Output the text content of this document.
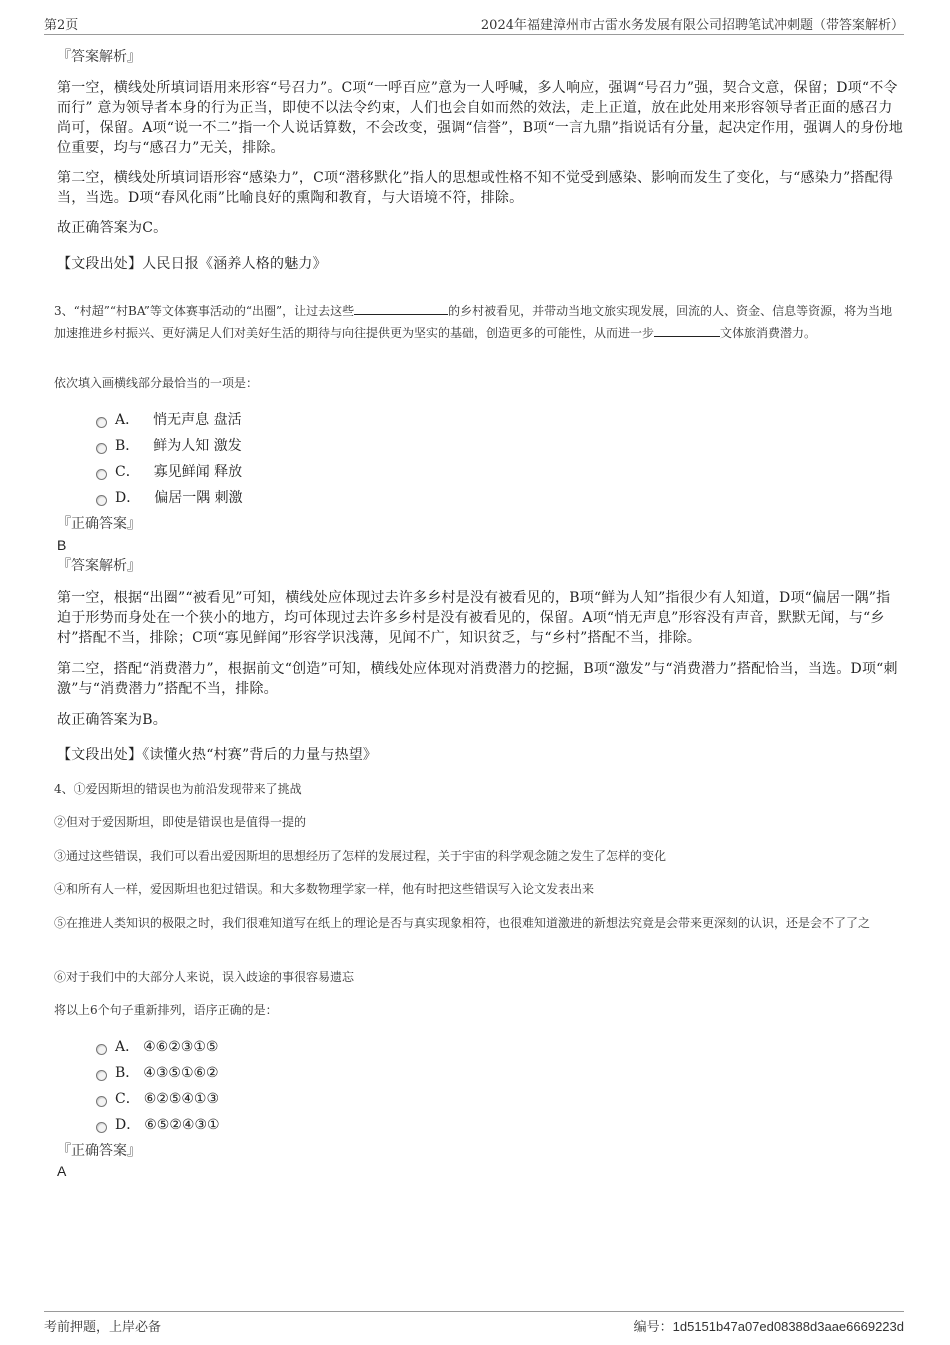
第2页	2024年福建漳州市古雷水务发展有限公司招聘笔试冲刺题（带答案解析）
『答案解析』

第一空，横线处所填词语用来形容“号召力”。C项“一呼百应”意为一人呼喊，多人响应，强调“号召力”强，契合文意，保留；D项“不令而行” 意为领导者本身的行为正当，即使不以法令约束，人们也会自如而然的效法，走上正道，放在此处用来形容领导者正面的感召力尚可，保留。A项“说一不二”指一个人说话算数，不会改变，强调“信誉”，B项“一言九鼎”指说话有分量，起决定作用，强调人的身份地位重要，均与“感召力”无关，排除。

第二空，横线处所填词语形容“感染力”，C项“潜移默化”指人的思想或性格不知不觉受到感染、影响而发生了变化，与“感染力”搭配得当，当选。D项“春风化雨”比喻良好的熏陶和教育，与大语境不符，排除。

故正确答案为C。

【文段出处】人民日报《涵养人格的魅力》

3、“村超”“村BA”等文体赛事活动的“出圈”，让过去这些	的乡村被看见，并带动当地文旅实现发展，回流的人、资金、信息等资源，将为当地加速推进乡村振兴、更好满足人们对美好生活的期待与向往提供更为坚实的基础，创造更多的可能性，从而进一步	文体旅消费潜力。

依次填入画横线部分最恰当的一项是：

A． 悄无声息 盘活
B． 鲜为人知 激发
C． 寡见鲜闻 释放
D． 偏居一隅 刺激
『正确答案』
B
『答案解析』

第一空，根据“出圈”“被看见”可知，横线处应体现过去许多乡村是没有被看见的，B项“鲜为人知”指很少有人知道，D项“偏居一隅”指迫于形势而身处在一个狭小的地方，均可体现过去许多乡村是没有被看见的，保留。A项“悄无声息”形容没有声音，默默无闻，与“乡村”搭配不当，排除；C项“寡见鲜闻”形容学识浅薄，见闻不广，知识贫乏，与“乡村”搭配不当，排除。

第二空，搭配“消费潜力”，根据前文“创造”可知，横线处应体现对消费潜力的挖掘，B项“激发”与“消费潜力”搭配恰当，当选。D项“刺激”与“消费潜力”搭配不当，排除。

故正确答案为B。

【文段出处】《读懂火热“村赛”背后的力量与热望》

4、①爱因斯坦的错误也为前沿发现带来了挑战

②但对于爱因斯坦，即使是错误也是值得一提的

③通过这些错误，我们可以看出爱因斯坦的思想经历了怎样的发展过程，关于宇宙的科学观念随之发生了怎样的变化

④和所有人一样，爱因斯坦也犯过错误。和大多数物理学家一样，他有时把这些错误写入论文发表出来

⑤在推进人类知识的极限之时，我们很难知道写在纸上的理论是否与真实现象相符，也很难知道激进的新想法究竟是会带来更深刻的认识，还是会不了了之

⑥对于我们中的大部分人来说，误入歧途的事很容易遗忘

将以上6个句子重新排列，语序正确的是：

A． ④⑥②③①⑤
B． ④③⑤①⑥②
C． ⑥②⑤④①③
D． ⑥⑤②④③①
『正确答案』
A
考前押题，上岸必备	编号：1d5151b47a07ed08388d3aae6669223d
